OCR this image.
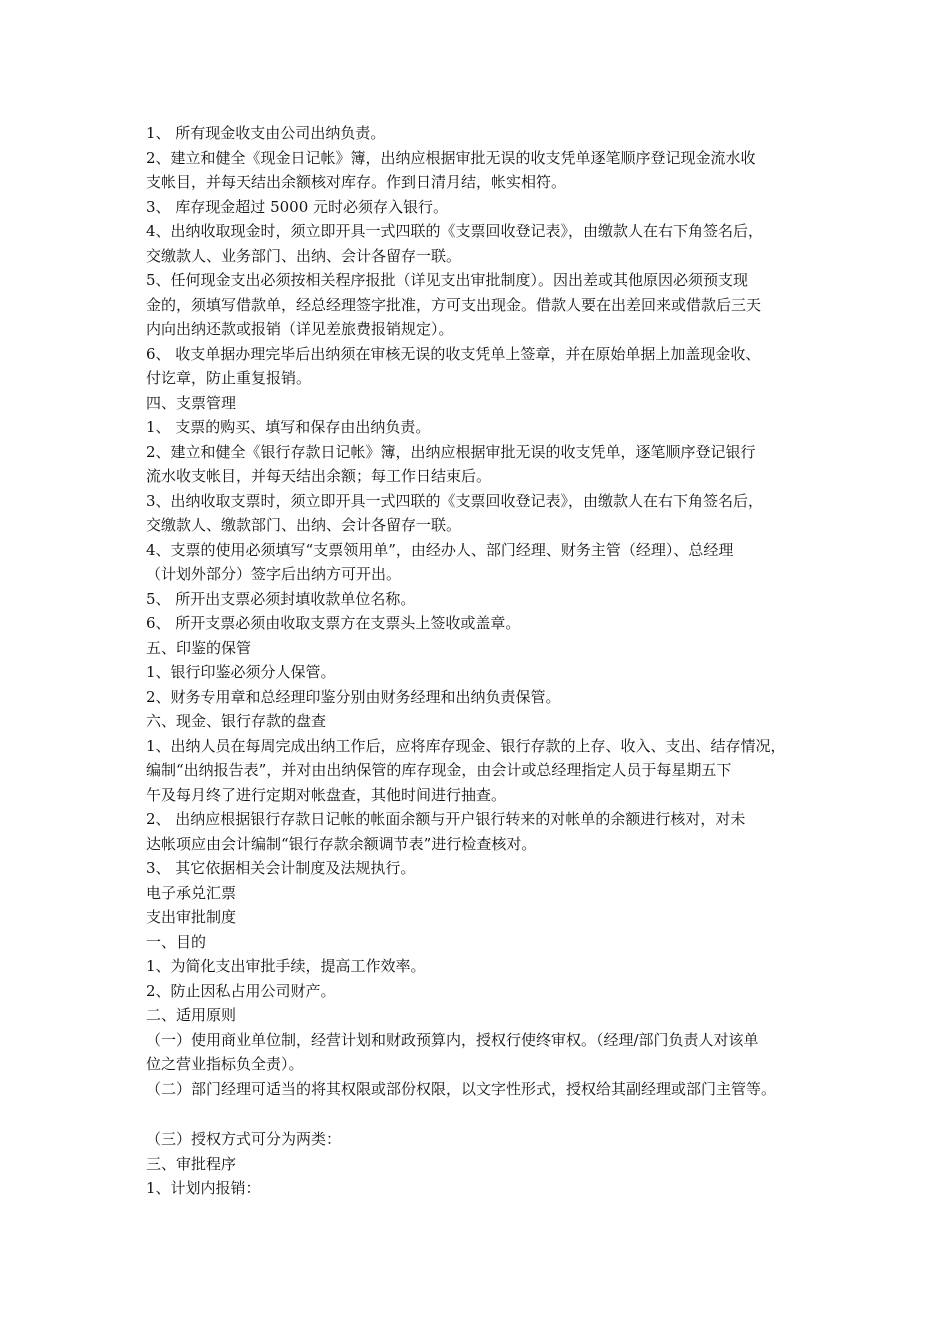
1、 所有现金收支由公司出纳负责。
2、建立和健全《现金日记帐》簿，出纳应根据审批无误的收支凭单逐笔顺序登记现金流水收
支帐目，并每天结出余额核对库存。作到日清月结，帐实相符。
3、 库存现金超过 5000 元时必须存入银行。
4、出纳收取现金时，须立即开具一式四联的《支票回收登记表》，由缴款人在右下角签名后，
交缴款人、业务部门、出纳、会计各留存一联。
5、任何现金支出必须按相关程序报批（详见支出审批制度）。因出差或其他原因必须预支现
金的，须填写借款单，经总经理签字批准，方可支出现金。借款人要在出差回来或借款后三天
内向出纳还款或报销（详见差旅费报销规定）。
6、 收支单据办理完毕后出纳须在审核无误的收支凭单上签章，并在原始单据上加盖现金收、
付讫章，防止重复报销。
四、支票管理
1、 支票的购买、填写和保存由出纳负责。
2、建立和健全《银行存款日记帐》簿，出纳应根据审批无误的收支凭单，逐笔顺序登记银行
流水收支帐目，并每天结出余额；每工作日结束后。
3、出纳收取支票时，须立即开具一式四联的《支票回收登记表》，由缴款人在右下角签名后，
交缴款人、缴款部门、出纳、会计各留存一联。
4、支票的使用必须填写“支票领用单”，由经办人、部门经理、财务主管（经理）、总经理
（计划外部分）签字后出纳方可开出。
5、 所开出支票必须封填收款单位名称。
6、 所开支票必须由收取支票方在支票头上签收或盖章。
五、印鉴的保管
1、银行印鉴必须分人保管。
2、财务专用章和总经理印鉴分别由财务经理和出纳负责保管。
六、现金、银行存款的盘查
1、出纳人员在每周完成出纳工作后，应将库存现金、银行存款的上存、收入、支出、结存情况，
编制“出纳报告表”，并对由出纳保管的库存现金，由会计或总经理指定人员于每星期五下
午及每月终了进行定期对帐盘查，其他时间进行抽查。
2、 出纳应根据银行存款日记帐的帐面余额与开户银行转来的对帐单的余额进行核对，对未
达帐项应由会计编制“银行存款余额调节表”进行检查核对。
3、 其它依据相关会计制度及法规执行。
电子承兑汇票
支出审批制度
一、目的
1、为简化支出审批手续，提高工作效率。
2、防止因私占用公司财产。
二、适用原则
（一）使用商业单位制，经营计划和财政预算内，授权行使终审权。（经理/部门负责人对该单
位之营业指标负全责）。
（二）部门经理可适当的将其权限或部份权限，以文字性形式，授权给其副经理或部门主管等。
（三）授权方式可分为两类：
三、审批程序
1、计划内报销：
